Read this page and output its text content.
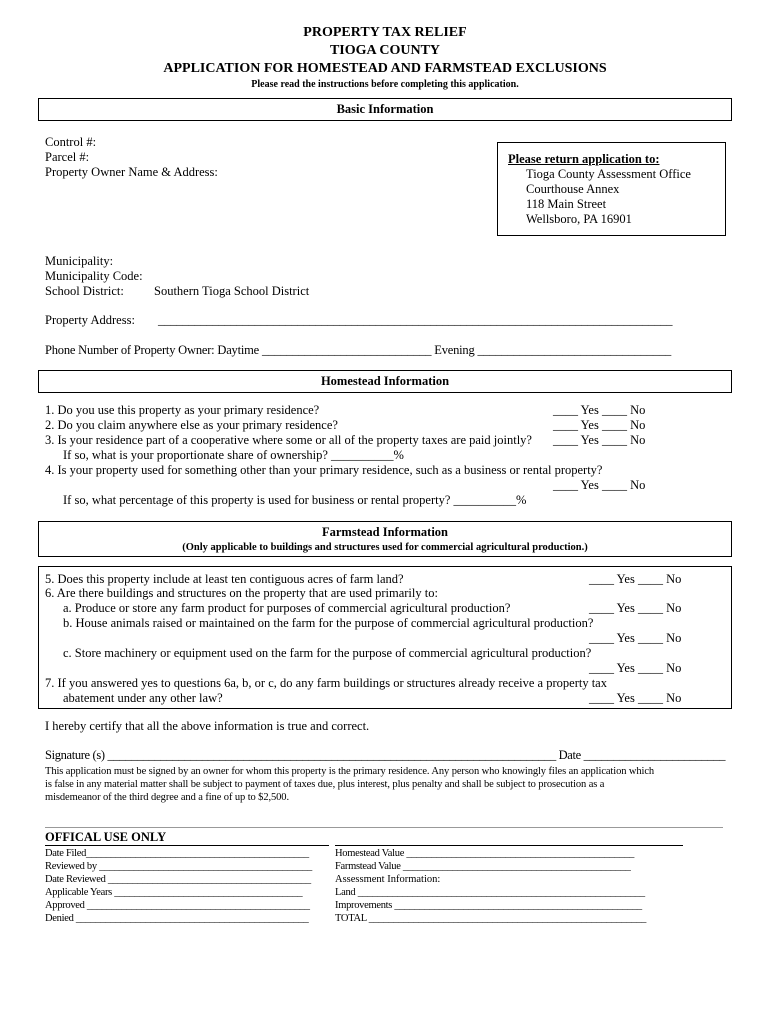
PROPERTY TAX RELIEF
TIOGA COUNTY
APPLICATION FOR HOMESTEAD AND FARMSTEAD EXCLUSIONS
Please read the instructions before completing this application.
Basic Information
Control #:
Parcel #:
Property Owner Name & Address:
Please return application to:
Tioga County Assessment Office
Courthouse Annex
118 Main Street
Wellsboro, PA 16901
Municipality:
Municipality Code:
School District: Southern Tioga School District
Property Address: _____________________________________________________________________________________
Phone Number of Property Owner: Daytime ____________________________ Evening ________________________________
Homestead Information
1. Do you use this property as your primary residence?	____ Yes ____ No
2. Do you claim anywhere else as your primary residence?	____ Yes ____ No
3. Is your residence part of a cooperative where some or all of the property taxes are paid jointly? ____ Yes ____ No
If so, what is your proportionate share of ownership? __________%
4. Is your property used for something other than your primary residence, such as a business or rental property?
____ Yes ____ No
If so, what percentage of this property is used for business or rental property? __________%
Farmstead Information
(Only applicable to buildings and structures used for commercial agricultural production.)
5. Does this property include at least ten contiguous acres of farm land?	____ Yes ____ No
6. Are there buildings and structures on the property that are used primarily to:
a. Produce or store any farm product for purposes of commercial agricultural production?	____ Yes ____ No
b. House animals raised or maintained on the farm for the purpose of commercial agricultural production?
____ Yes ____ No
c. Store machinery or equipment used on the farm for the purpose of commercial agricultural production?
____ Yes ____ No
7. If you answered yes to questions 6a, b, or c, do any farm buildings or structures already receive a property tax
abatement under any other law?	____ Yes ____ No
I hereby certify that all the above information is true and correct.
Signature (s) ____________________________________________________________________________ Date ________________________
This application must be signed by an owner for whom this property is the primary residence. Any person who knowingly files an application which
is false in any material matter shall be subject to payment of taxes due, plus interest, plus penalty and shall be subject to prosecution as a
misdemeanor of the third degree and a fine of up to $2,500.
OFFICAL USE ONLY
Date Filed_____________________________________________
Reviewed by ___________________________________________
Date Reviewed _________________________________________
Applicable Years ______________________________________
Approved _____________________________________________
Denied _______________________________________________
Homestead Value ______________________________________________
Farmstead Value ______________________________________________
Assessment Information:
Land __________________________________________________________
Improvements __________________________________________________
TOTAL ________________________________________________________
